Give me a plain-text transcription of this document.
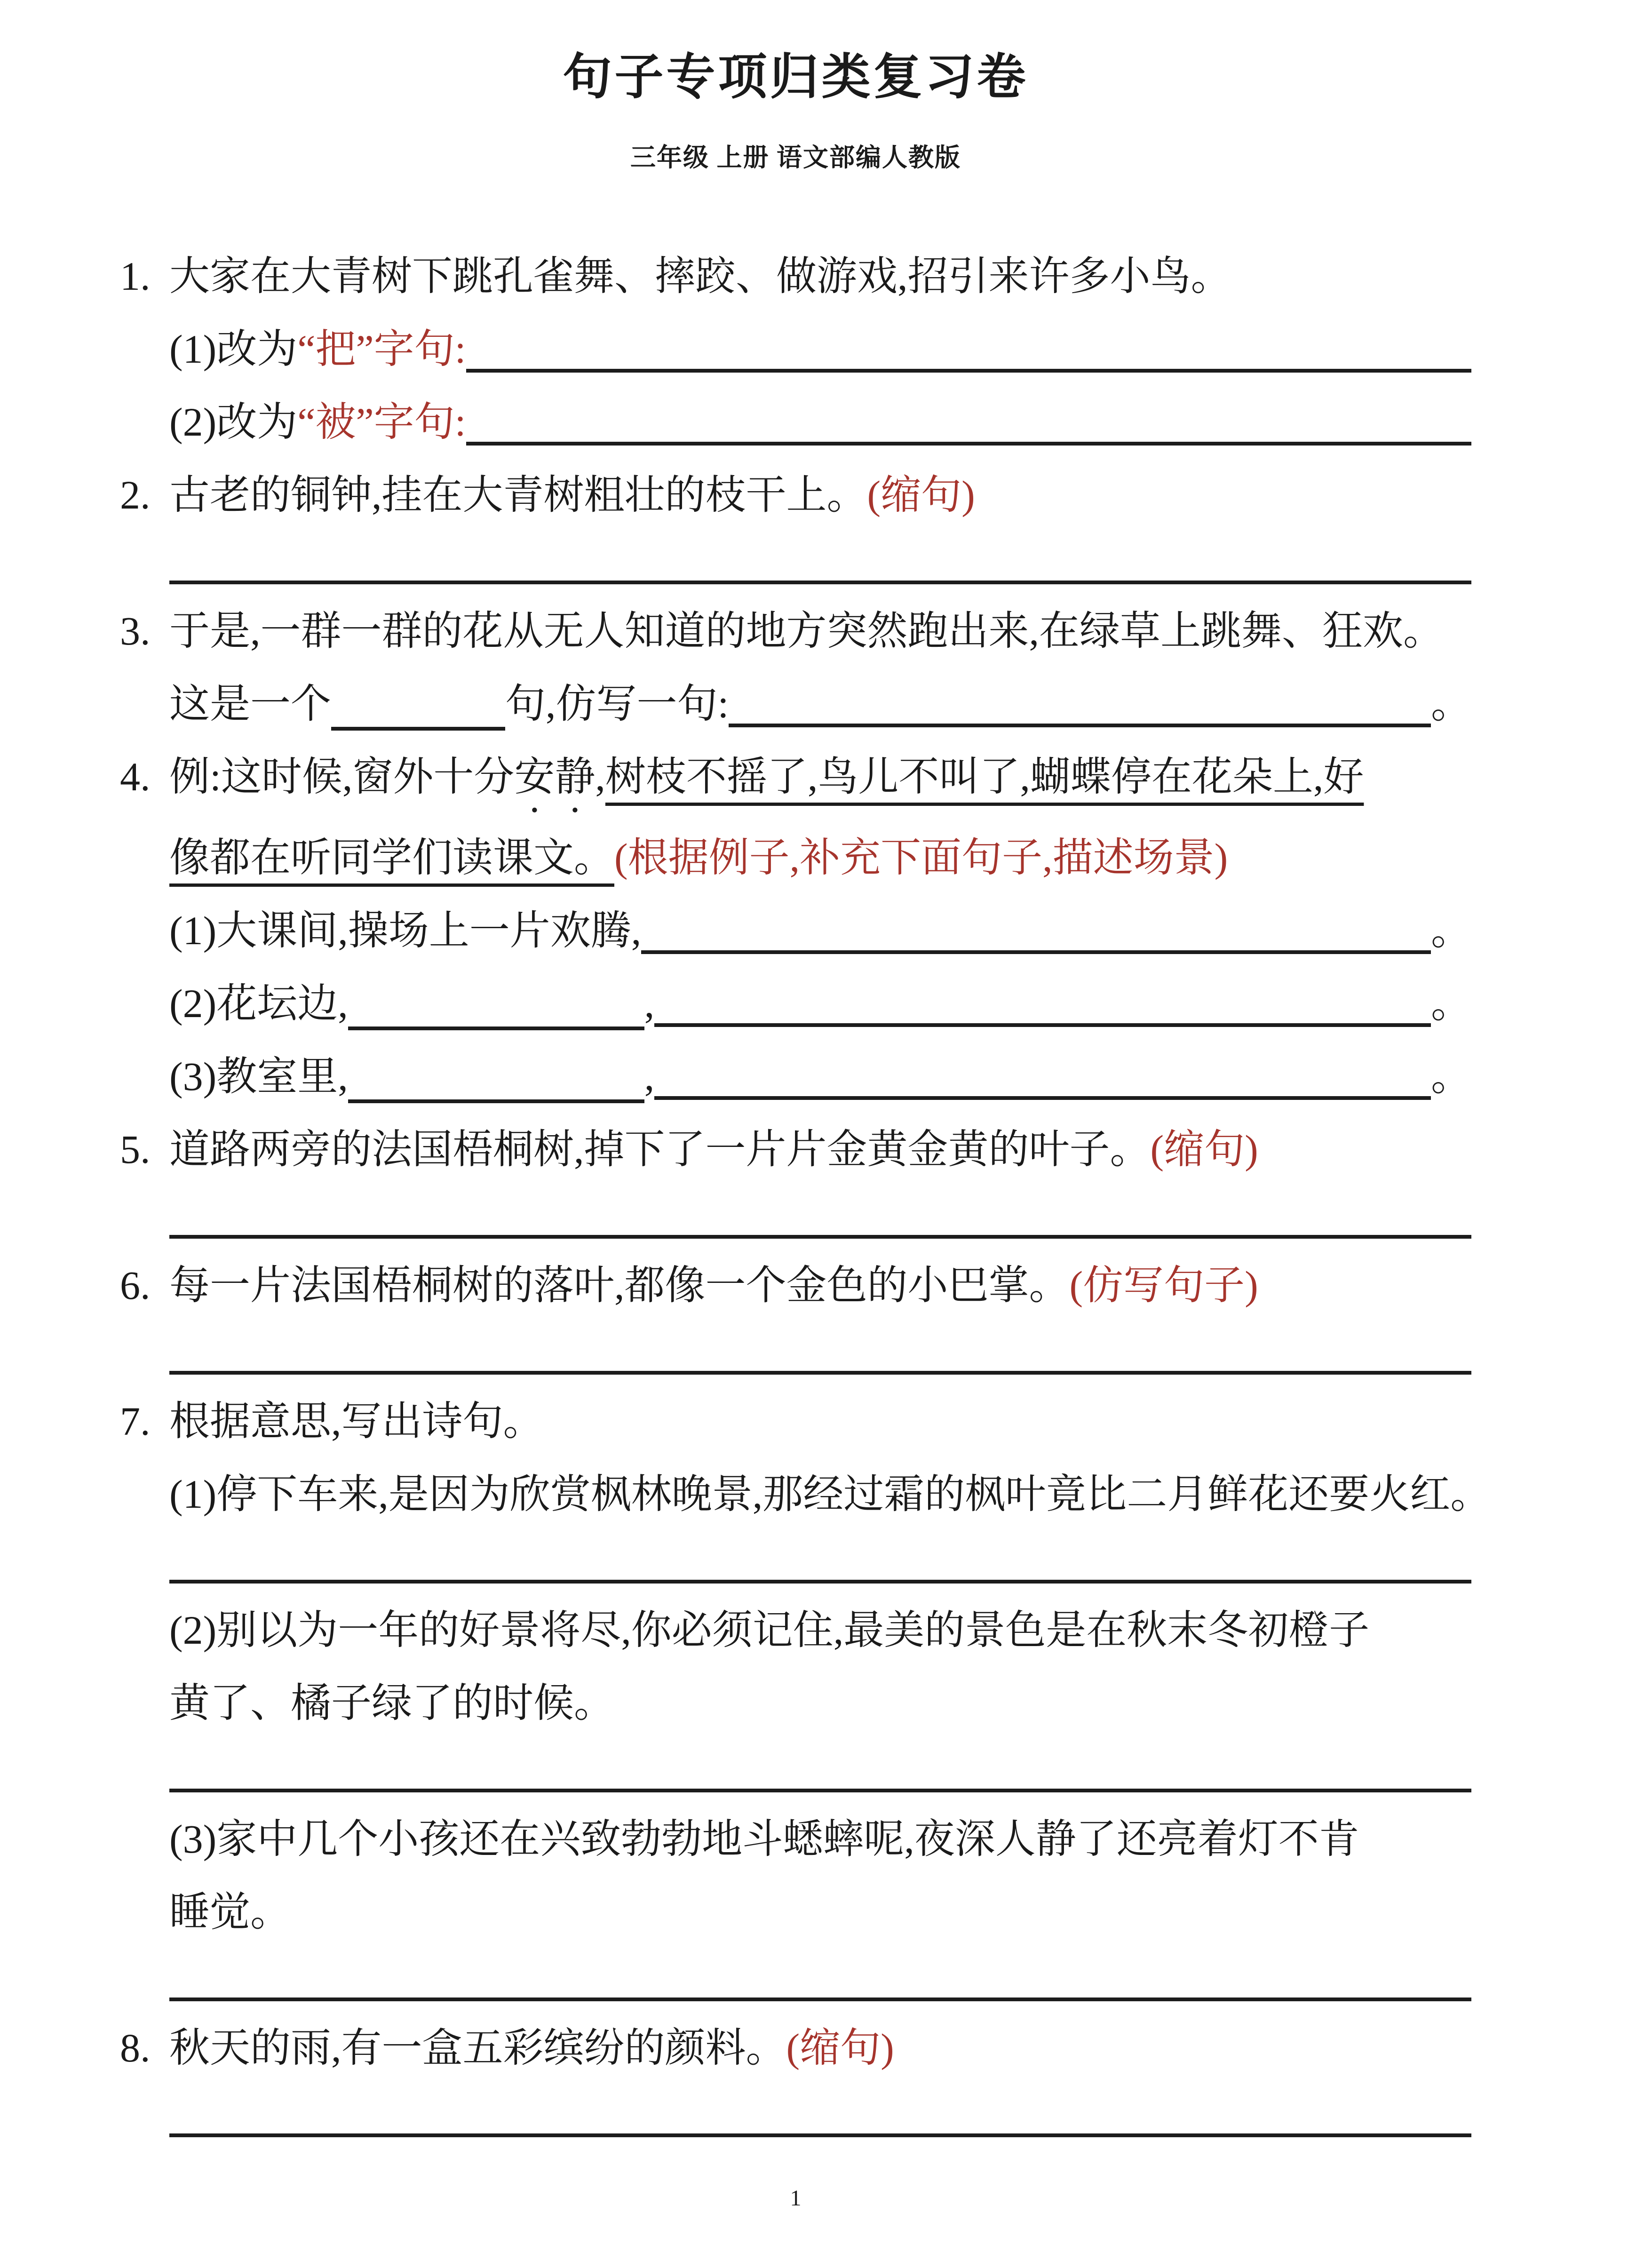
句子专项归类复习卷
三年级 上册 语文部编人教版
1. 大家在大青树下跳孔雀舞、摔跤、做游戏,招引来许多小鸟。
(1)改为“把”字句:
(2)改为“被”字句:
2. 古老的铜钟,挂在大青树粗壮的枝干上。(缩句)
3. 于是,一群一群的花从无人知道的地方突然跑出来,在绿草上跳舞、狂欢。
这是一个	句,仿写一句:	。
4. 例:这时候,窗外十分安静,树枝不摇了,鸟儿不叫了,蝴蝶停在花朵上,好
像都在听同学们读课文。(根据例子,补充下面句子,描述场景)
(1)大课间,操场上一片欢腾,	。
(2)花坛边,	,	。
(3)教室里,	,	。
5. 道路两旁的法国梧桐树,掉下了一片片金黄金黄的叶子。(缩句)
6. 每一片法国梧桐树的落叶,都像一个金色的小巴掌。(仿写句子)
7. 根据意思,写出诗句。
(1)停下车来,是因为欣赏枫林晚景,那经过霜的枫叶竟比二月鲜花还要火红。
(2)别以为一年的好景将尽,你必须记住,最美的景色是在秋末冬初橙子
黄了、橘子绿了的时候。
(3)家中几个小孩还在兴致勃勃地斗蟋蟀呢,夜深人静了还亮着灯不肯
睡觉。
8. 秋天的雨,有一盒五彩缤纷的颜料。(缩句)
1
